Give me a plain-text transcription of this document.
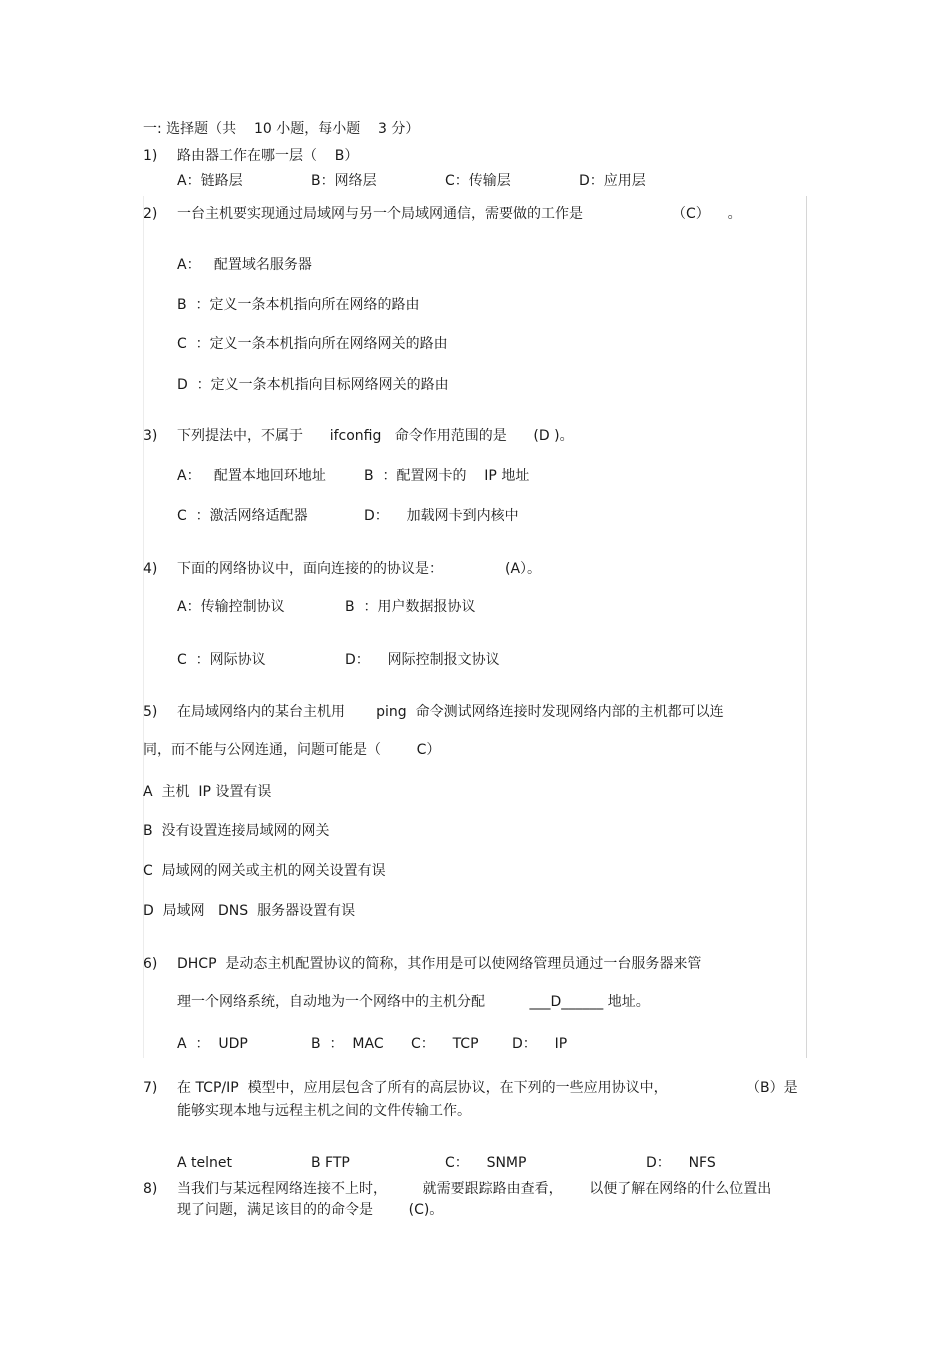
一: 选择题（共    10 小题，每小题    3 分）
1) 路由器工作在哪一层（    B）
A：链路层	B：网络层	C：传输层	D：应用层
2) 一台主机要实现通过局域网与另一个局域网通信，需要做的工作是	（C）    。
A：   配置域名服务器
B  ：定义一条本机指向所在网络的路由
C  ：定义一条本机指向所在网络网关的路由
D  ：定义一条本机指向目标网络网关的路由
3) 下列提法中，不属于      ifconfig   命令作用范围的是      (D )。
A：   配置本地回环地址	B  ：配置网卡的    IP 地址
C  ：激活网络适配器	D：    加载网卡到内核中
4) 下面的网络协议中，面向连接的的协议是：	(A）。
A：传输控制协议	B  ：用户数据报协议
C  ：网际协议	D：    网际控制报文协议
5) 在局域网络内的某台主机用       ping  命令测试网络连接时发现网络内部的主机都可以连
同，而不能与公网连通，问题可能是（        C）
A  主机  IP 设置有误
B  没有设置连接局域网的网关
C  局域网的网关或主机的网关设置有误
D  局域网   DNS  服务器设置有误
6) DHCP  是动态主机配置协议的简称，其作用是可以使网络管理员通过一台服务器来管
理一个网络系统，自动地为一个网络中的主机分配          ___D______ 地址。
A  ：  UDP	B  ：  MAC C：    TCP D：    IP
7) 在 TCP/IP  模型中，应用层包含了所有的高层协议，在下列的一些应用协议中，	（B）是
能够实现本地与远程主机之间的文件传输工作。
A telnet	B FTP	C：    SNMP	D：    NFS
8) 当我们与某远程网络连接不上时，        就需要跟踪路由查看，      以便了解在网络的什么位置出
现了问题，满足该目的的命令是        (C)。
